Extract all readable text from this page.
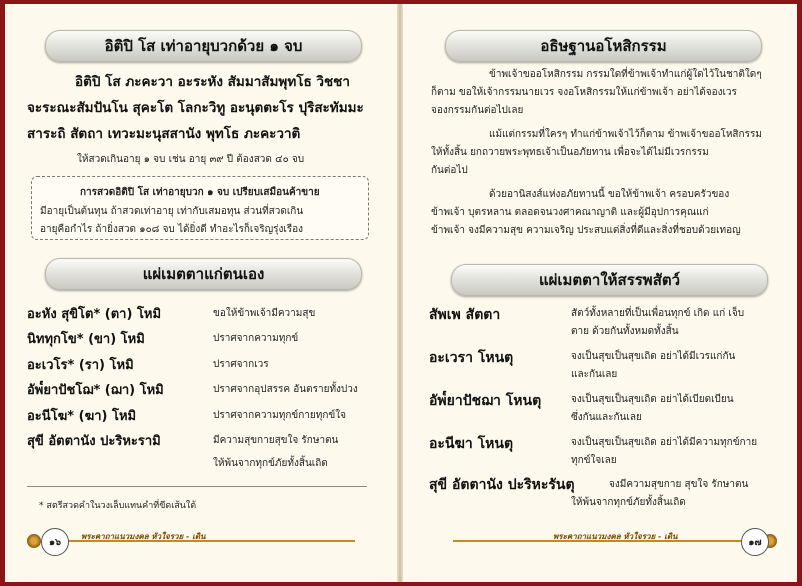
อิติปิ โส เท่าอายุบวกด้วย ๑ จบ
อิติปิ โส ภะคะวา อะระหัง สัมมาสัมพุทโธ วิชชา
จะระณะสัมปันโน สุคะโต โลกะวิทู อะนุตตะโร ปุริสะทัมมะ
สาระถิ สัตถา เทวะมะนุสสานัง พุทโธ ภะคะวาติ
ให้สวดเกินอายุ ๑ จบ เช่น อายุ ๓๙ ปี ต้องสวด ๔๐ จบ
การสวดอิติปิ โส เท่าอายุบวก ๑ จบ เปรียบเสมือนค้าขาย
มีอายุเป็นต้นทุน ถ้าสวดเท่าอายุ เท่ากับเสมอทุน ส่วนที่สวดเกิน
อายุคือกำไร ถ้ายิ่งสวด ๑๐๘ จบ ได้ยิ่งดี ทำอะไรก็เจริญรุ่งเรือง
แผ่เมตตาแก่ตนเอง
อะหัง สุขิโต* (ตา) โหมิ	ขอให้ข้าพเจ้ามีความสุข
นิททุกโข* (ขา) โหมิ	ปราศจากความทุกข์
อะเวโร* (รา) โหมิ	ปราศจากเวร
อัพ๎ยาปัชโฌ* (ฌา) โหมิ	ปราศจากอุปสรรค อันตรายทั้งปวง
อะนีโฆ* (ฆา) โหมิ	ปราศจากความทุกข์กายทุกข์ใจ
สุขี อัตตานัง ปะริหะรามิ	มีความสุขกายสุขใจ รักษาตน
ให้พ้นจากทุกข์ภัยทั้งสิ้นเถิด
* สตรีสวดคำในวงเล็บแทนคำที่ขีดเส้นใต้
พระคาถาแนวมงคล หัวใจรวย - เดิน
๑๖
อธิษฐานอโหสิกรรม
ข้าพเจ้าขออโหสิกรรม กรรมใดที่ข้าพเจ้าทำแก่ผู้ใดไว้ในชาติใดๆ
ก็ตาม ขอให้เจ้ากรรมนายเวร จงอโหสิกรรมให้แก่ข้าพเจ้า อย่าได้จองเวร
จองกรรมกันต่อไปเลย
แม้แต่กรรมที่ใครๆ ทำแก่ข้าพเจ้าไว้ก็ตาม ข้าพเจ้าขออโหสิกรรม
ให้ทั้งสิ้น ยกถวายพระพุทธเจ้าเป็นอภัยทาน เพื่อจะได้ไม่มีเวรกรรม
กันต่อไป
ด้วยอานิสงส์แห่งอภัยทานนี้ ขอให้ข้าพเจ้า ครอบครัวของ
ข้าพเจ้า บุตรหลาน ตลอดจนวงศาคณาญาติ และผู้มีอุปการคุณแก่
ข้าพเจ้า จงมีความสุข ความเจริญ ประสบแต่สิ่งที่ดีและสิ่งที่ชอบด้วยเทอญ
แผ่เมตตาให้สรรพสัตว์
สัพเพ สัตตา	สัตว์ทั้งหลายที่เป็นเพื่อนทุกข์ เกิด แก่ เจ็บ
ตาย ด้วยกันทั้งหมดทั้งสิ้น
อะเวรา โหนตุ	จงเป็นสุขเป็นสุขเถิด อย่าได้มีเวรแก่กัน
และกันเลย
อัพ๎ยาปัชฌา โหนตุ	จงเป็นสุขเป็นสุขเถิด อย่าได้เบียดเบียน
ซึ่งกันและกันเลย
อะนีฆา โหนตุ	จงเป็นสุขเป็นสุขเถิด อย่าได้มีความทุกข์กาย
ทุกข์ใจเลย
สุขี อัตตานัง ปะริหะรันตุ	จงมีความสุขกาย สุขใจ รักษาตน
ให้พ้นจากทุกข์ภัยทั้งสิ้นเถิด
พระคาถาแนวมงคล หัวใจรวย - เดิน	๑๗
